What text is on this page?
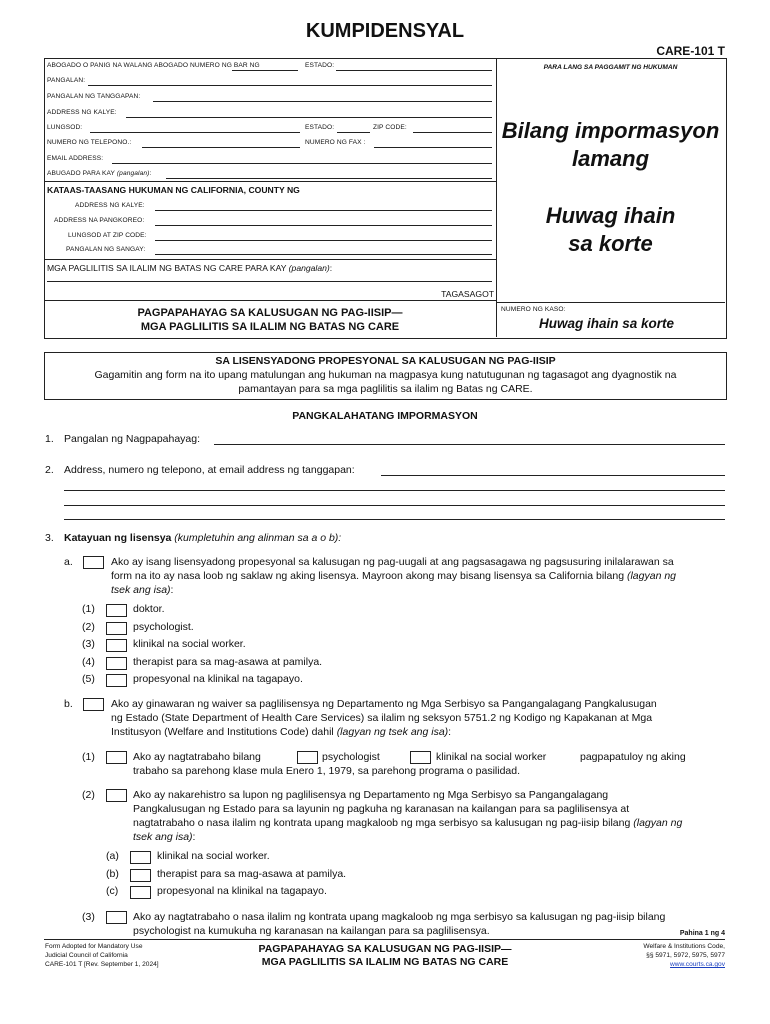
KUMPIDENSYAL
CARE-101 T
ABOGADO O PANIG NA WALANG ABOGADO NUMERO NG BAR NG	ESTADO:
PANGALAN:
PANGALAN NG TANGGAPAN:
ADDRESS NG KALYE:
LUNGSOD:	ESTADO:	ZIP CODE:
NUMERO NG TELEPONO.:	NUMERO NG FAX :
EMAIL ADDRESS:
ABUGADO PARA KAY (pangalan):
KATAAS-TAASANG HUKUMAN NG CALIFORNIA, COUNTY NG
ADDRESS NG KALYE:
ADDRESS NA PANGKOREO:
LUNGSOD AT ZIP CODE:
PANGALAN NG SANGAY:
MGA PAGLILITIS SA ILALIM NG BATAS NG CARE PARA KAY (pangalan):
TAGASAGOT
PAGPAPAHAYAG SA KALUSUGAN NG PAG-IISIP—
MGA PAGLILITIS SA ILALIM NG BATAS NG CARE
PARA LANG SA PAGGAMIT NG HUKUMAN
Bilang impormasyon
lamang
Huwag ihain
sa korte
NUMERO NG KASO:
Huwag ihain sa korte
SA LISENSYADONG PROPESYONAL SA KALUSUGAN NG PAG-IISIP
Gagamitin ang form na ito upang matulungan ang hukuman na magpasya kung natutugunan ng tagasagot ang dyagnostik na
pamantayan para sa mga paglilitis sa ilalim ng Batas ng CARE.
PANGKALAHATANG IMPORMASYON
1. Pangalan ng Nagpapahayag:
2. Address, numero ng telepono, at email address ng tanggapan:
3. Katayuan ng lisensya (kumpletuhin ang alinman sa a o b):
a.	Ako ay isang lisensyadong propesyonal sa kalusugan ng pag-uugali at ang pagsasagawa ng pagsusuring inilalarawan sa
form na ito ay nasa loob ng saklaw ng aking lisensya. Mayroon akong may bisang lisensya sa California bilang (lagyan ng
tsek ang isa):
(1)	doktor.
(2)	psychologist.
(3)	klinikal na social worker.
(4)	therapist para sa mag-asawa at pamilya.
(5)	propesyonal na klinikal na tagapayo.
b.	Ako ay ginawaran ng waiver sa paglilisensya ng Departamento ng Mga Serbisyo sa Pangangalagang Pangkalusugan
ng Estado (State Department of Health Care Services) sa ilalim ng seksyon 5751.2 ng Kodigo ng Kapakanan at Mga
Institusyon (Welfare and Institutions Code) dahil (lagyan ng tsek ang isa):
(1)	Ako ay nagtatrabaho bilang	psychologist	klinikal na social worker	pagpapatuloy ng aking
trabaho sa parehong klase mula Enero 1, 1979, sa parehong programa o pasilidad.
(2)	Ako ay nakarehistro sa lupon ng paglilisensya ng Departamento ng Mga Serbisyo sa Pangangalagang
Pangkalusugan ng Estado para sa layunin ng pagkuha ng karanasan na kailangan para sa paglilisensya at
nagtatrabaho o nasa ilalim ng kontrata upang magkaloob ng mga serbisyo sa kalusugan ng pag-iisip bilang (lagyan ng
tsek ang isa):
(a)	klinikal na social worker.
(b)	therapist para sa mag-asawa at pamilya.
(c)	propesyonal na klinikal na tagapayo.
(3)	Ako ay nagtatrabaho o nasa ilalim ng kontrata upang magkaloob ng mga serbisyo sa kalusugan ng pag-iisip bilang
psychologist na kumukuha ng karanasan na kailangan para sa paglilisensya.	Pahina 1 ng 4
Form Adopted for Mandatory Use
Judicial Council of California
CARE-101 T [Rev. September 1, 2024]
PAGPAPAHAYAG SA KALUSUGAN NG PAG-IISIP—
MGA PAGLILITIS SA ILALIM NG BATAS NG CARE
Welfare & Institutions Code,
§§ 5971, 5972, 5975, 5977
www.courts.ca.gov
